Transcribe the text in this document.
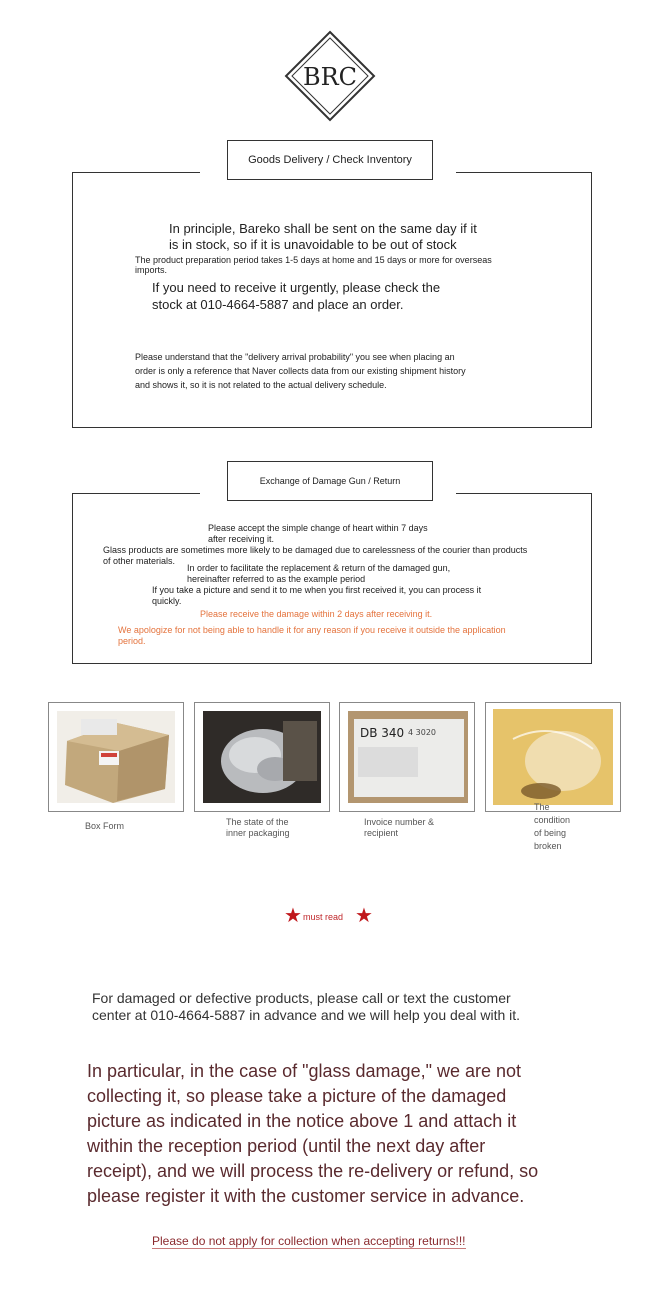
BRC
Goods Delivery / Check Inventory
In principle, Bareko shall be sent on the same day if it
is in stock, so if it is unavoidable to be out of stock
The product preparation period takes 1-5 days at home and 15 days or more for overseas
imports.
If you need to receive it urgently, please check the
stock at 010-4664-5887 and place an order.
Please understand that the "delivery arrival probability" you see when placing an
order is only a reference that Naver collects data from our existing shipment history
and shows it, so it is not related to the actual delivery schedule.
Exchange of Damage Gun / Return
Please accept the simple change of heart within 7 days
after receiving it.
Glass products are sometimes more likely to be damaged due to carelessness of the courier than products
of other materials.
In order to facilitate the replacement & return of the damaged gun,
hereinafter referred to as the example period
If you take a picture and send it to me when you first received it, you can process it
quickly.
Please receive the damage within 2 days after receiving it.
We apologize for not being able to handle it for any reason if you receive it outside the application
period.
DB 340 4 3020
Box Form	The state of the
inner packaging
Invoice number &
recipient
The
condition
of being
broken
★ must read ★
For damaged or defective products, please call or text the customer
center at 010-4664-5887 in advance and we will help you deal with it.
In particular, in the case of "glass damage," we are not
collecting it, so please take a picture of the damaged
picture as indicated in the notice above 1 and attach it
within the reception period (until the next day after
receipt), and we will process the re-delivery or refund, so
please register it with the customer service in advance.
Please do not apply for collection when accepting returns!!!
